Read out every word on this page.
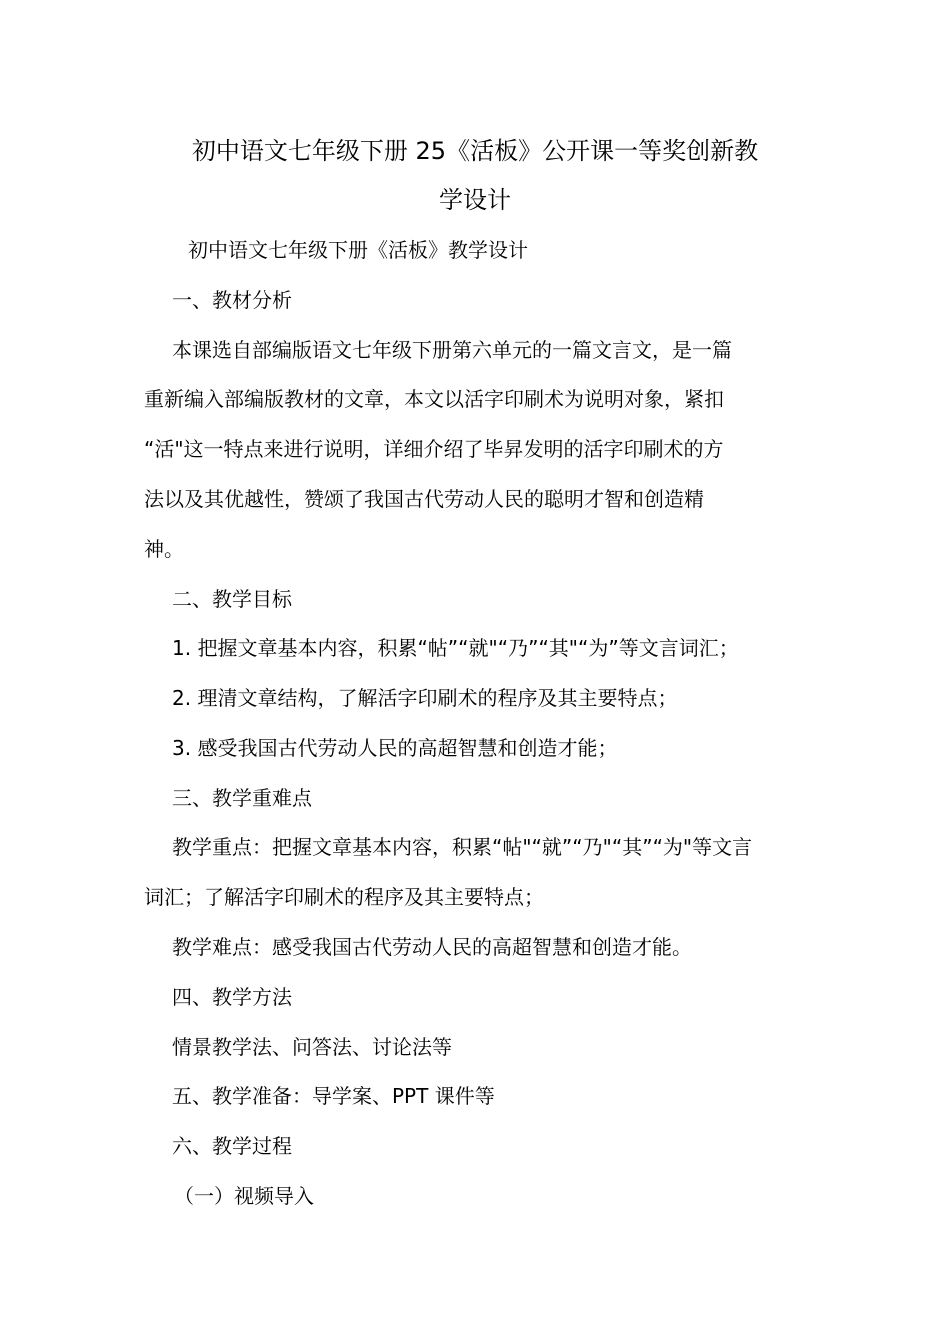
初中语文七年级下册 25《活板》公开课一等奖创新教
学设计
初中语文七年级下册《活板》教学设计
一、教材分析
本课选自部编版语文七年级下册第六单元的一篇文言文，是一篇
重新编入部编版教材的文章，本文以活字印刷术为说明对象，紧扣
“活"这一特点来进行说明，详细介绍了毕昇发明的活字印刷术的方
法以及其优越性，赞颂了我国古代劳动人民的聪明才智和创造精
神。
二、教学目标
1. 把握文章基本内容，积累“帖”“就"“乃”“其"“为”等文言词汇；
2. 理清文章结构，了解活字印刷术的程序及其主要特点；
3. 感受我国古代劳动人民的高超智慧和创造才能；
三、教学重难点
教学重点：把握文章基本内容，积累“帖"“就”“乃"“其”“为"等文言
词汇；了解活字印刷术的程序及其主要特点；
教学难点：感受我国古代劳动人民的高超智慧和创造才能。
四、教学方法
情景教学法、问答法、讨论法等
五、教学准备：导学案、PPT 课件等
六、教学过程
（一）视频导入
